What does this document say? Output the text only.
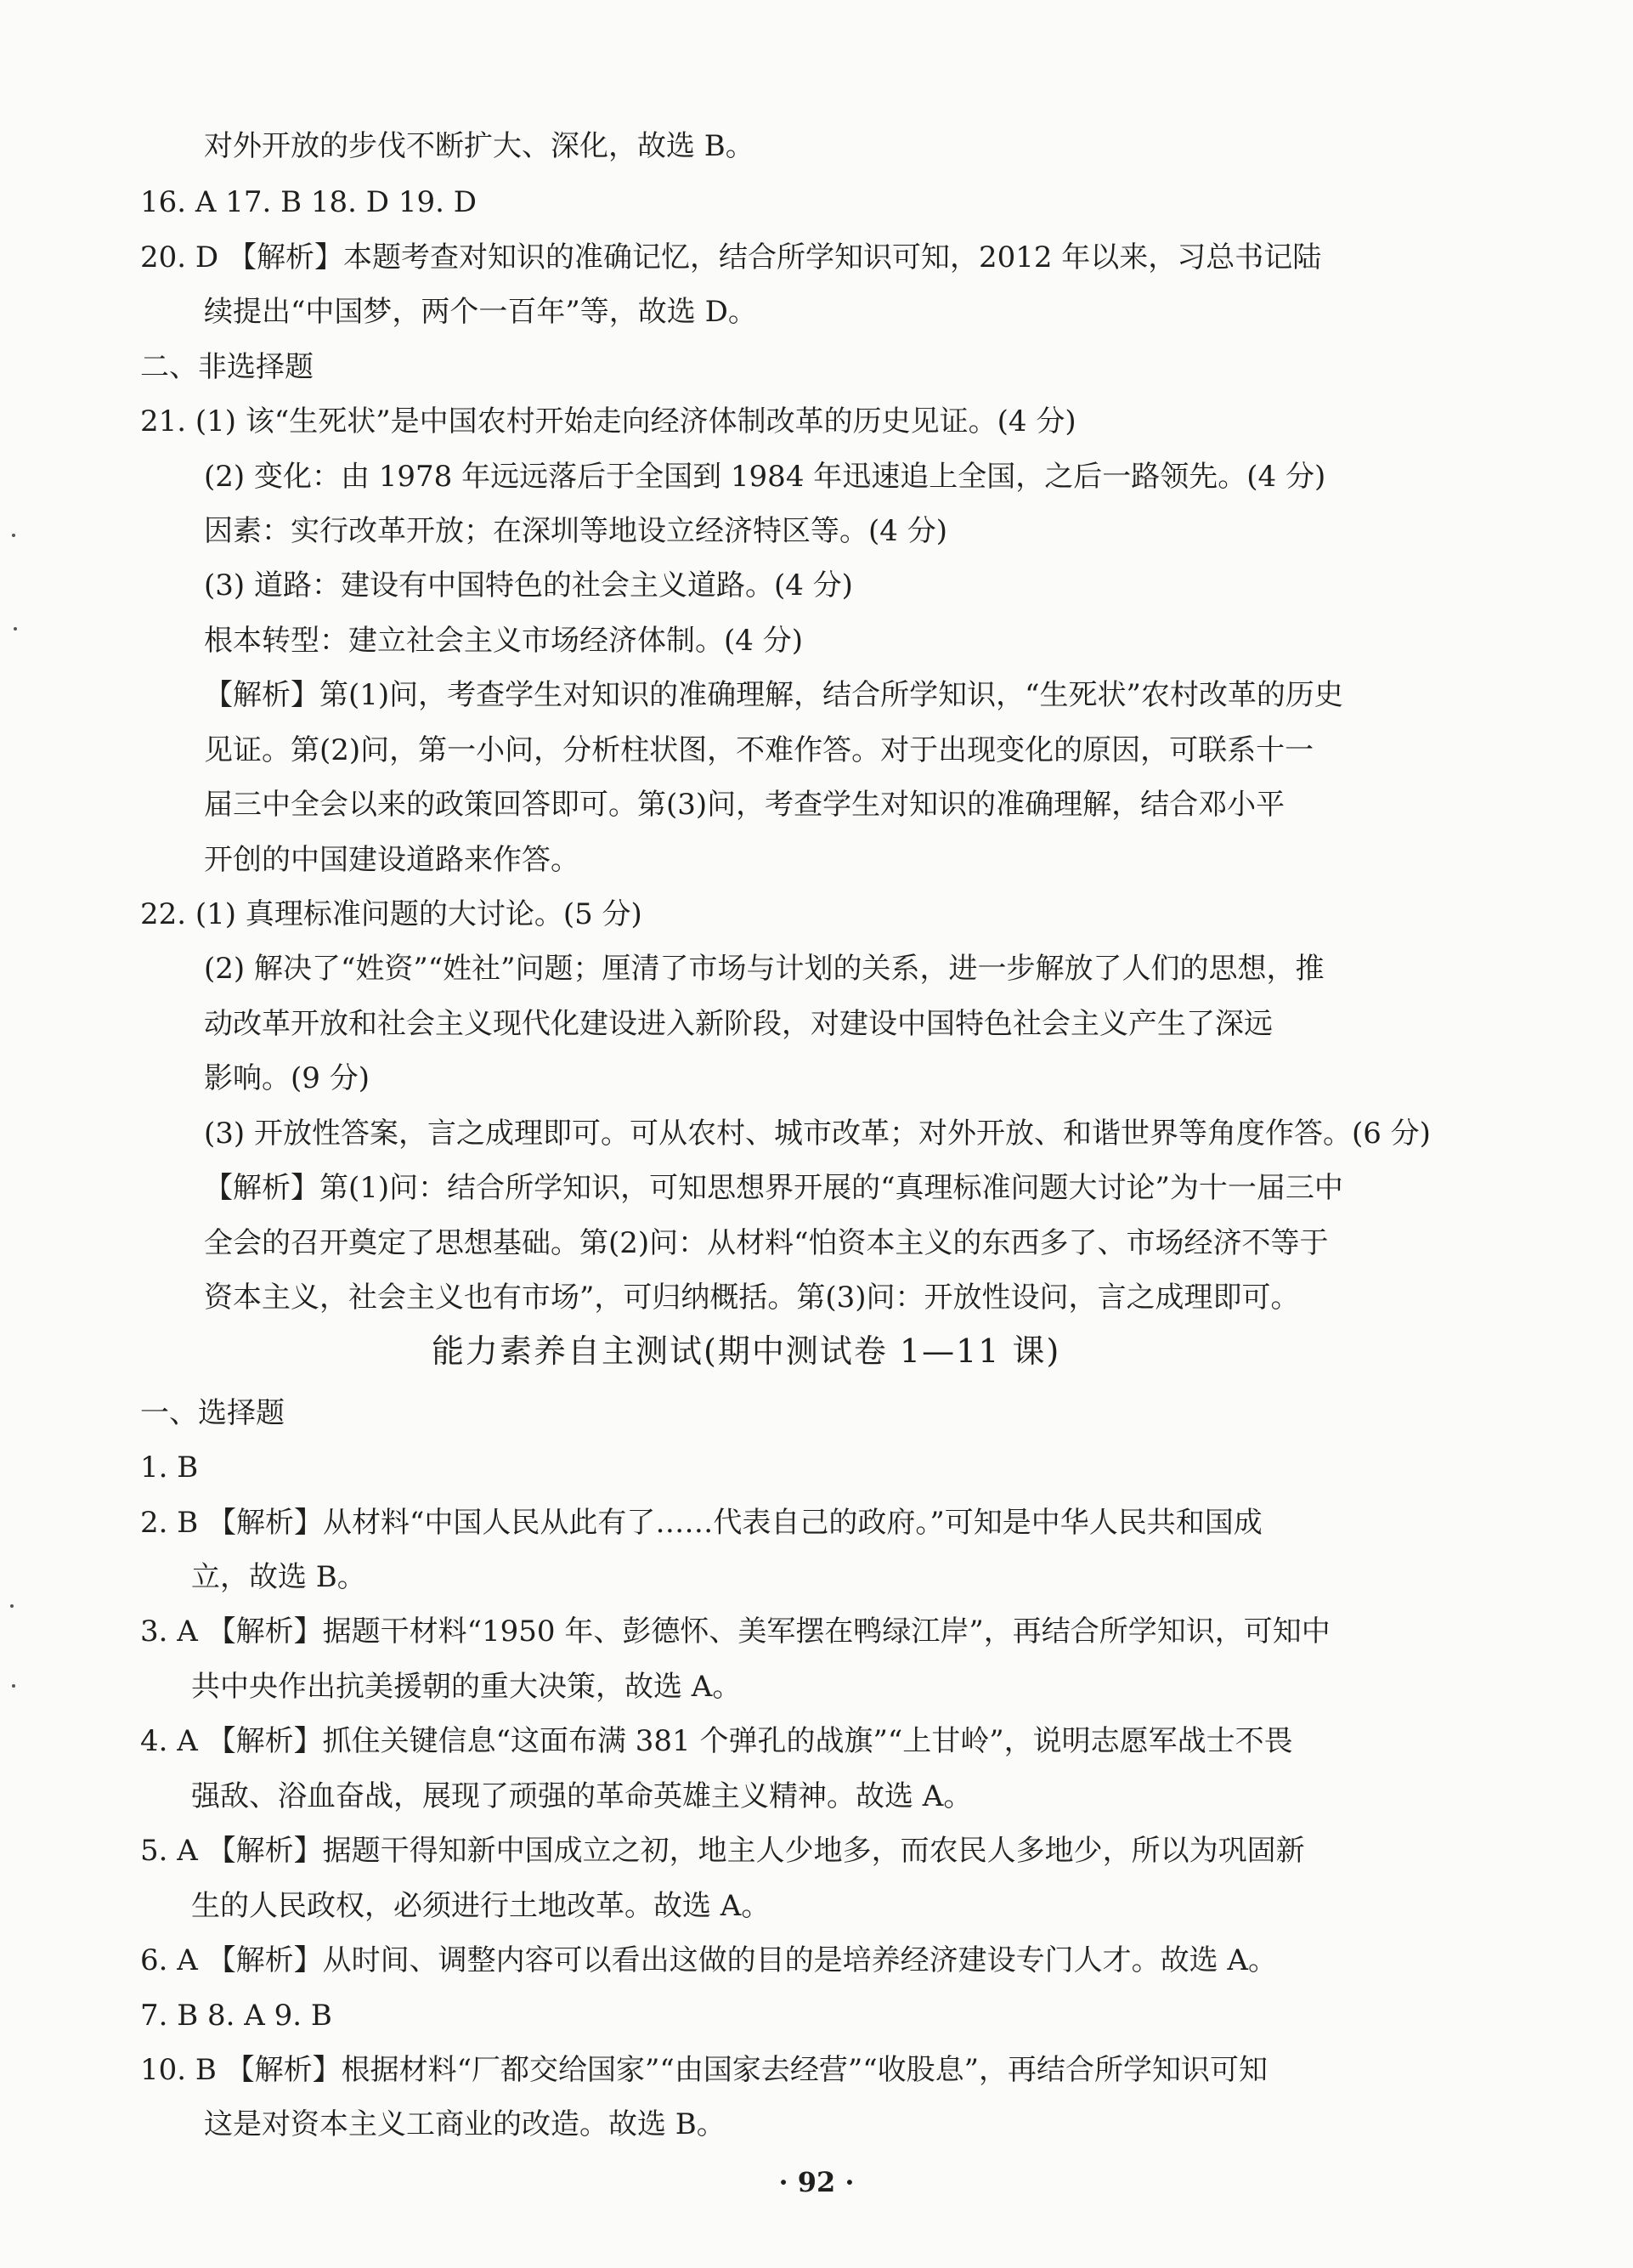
对外开放的步伐不断扩大、深化，故选 B。
16. A 17. B 18. D 19. D
20. D 【解析】本题考查对知识的准确记忆，结合所学知识可知，2012 年以来，习总书记陆
续提出“中国梦，两个一百年”等，故选 D。
二、非选择题
21. (1) 该“生死状”是中国农村开始走向经济体制改革的历史见证。(4 分)
(2) 变化：由 1978 年远远落后于全国到 1984 年迅速追上全国，之后一路领先。(4 分)
因素：实行改革开放；在深圳等地设立经济特区等。(4 分)
(3) 道路：建设有中国特色的社会主义道路。(4 分)
根本转型：建立社会主义市场经济体制。(4 分)
【解析】第(1)问，考查学生对知识的准确理解，结合所学知识，“生死状”农村改革的历史
见证。第(2)问，第一小问，分析柱状图，不难作答。对于出现变化的原因，可联系十一
届三中全会以来的政策回答即可。第(3)问，考查学生对知识的准确理解，结合邓小平
开创的中国建设道路来作答。
22. (1) 真理标准问题的大讨论。(5 分)
(2) 解决了“姓资”“姓社”问题；厘清了市场与计划的关系，进一步解放了人们的思想，推
动改革开放和社会主义现代化建设进入新阶段，对建设中国特色社会主义产生了深远
影响。(9 分)
(3) 开放性答案，言之成理即可。可从农村、城市改革；对外开放、和谐世界等角度作答。(6 分)
【解析】第(1)问：结合所学知识，可知思想界开展的“真理标准问题大讨论”为十一届三中
全会的召开奠定了思想基础。第(2)问：从材料“怕资本主义的东西多了、市场经济不等于
资本主义，社会主义也有市场”，可归纳概括。第(3)问：开放性设问，言之成理即可。
能力素养自主测试(期中测试卷 1—11 课)
一、选择题
1. B
2. B 【解析】从材料“中国人民从此有了……代表自己的政府。”可知是中华人民共和国成
立，故选 B。
3. A 【解析】据题干材料“1950 年、彭德怀、美军摆在鸭绿江岸”，再结合所学知识，可知中
共中央作出抗美援朝的重大决策，故选 A。
4. A 【解析】抓住关键信息“这面布满 381 个弹孔的战旗”“上甘岭”，说明志愿军战士不畏
强敌、浴血奋战，展现了顽强的革命英雄主义精神。故选 A。
5. A 【解析】据题干得知新中国成立之初，地主人少地多，而农民人多地少，所以为巩固新
生的人民政权，必须进行土地改革。故选 A。
6. A 【解析】从时间、调整内容可以看出这做的目的是培养经济建设专门人才。故选 A。
7. B 8. A 9. B
10. B 【解析】根据材料“厂都交给国家”“由国家去经营”“收股息”，再结合所学知识可知
这是对资本主义工商业的改造。故选 B。
· 92 ·
